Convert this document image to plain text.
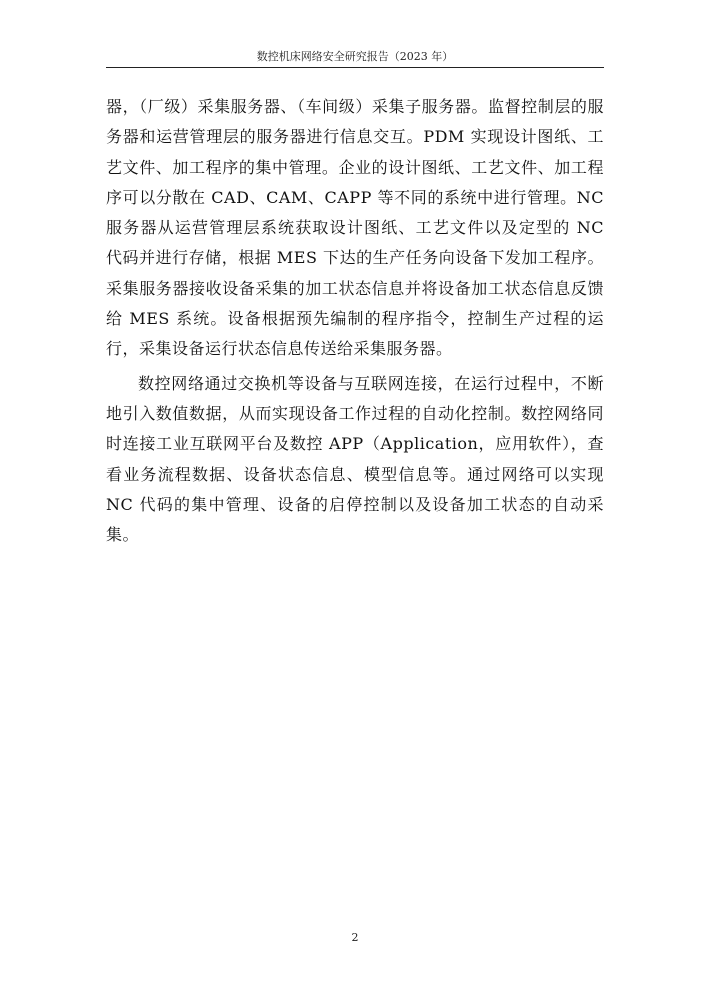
数控机床网络安全研究报告（2023 年）

器，（厂级）采集服务器、（车间级）采集子服务器。监督控制层的服务器和运营管理层的服务器进行信息交互。PDM 实现设计图纸、工艺文件、加工程序的集中管理。企业的设计图纸、工艺文件、加工程序可以分散在 CAD、CAM、CAPP 等不同的系统中进行管理。NC 服务器从运营管理层系统获取设计图纸、工艺文件以及定型的 NC 代码并进行存储，根据 MES 下达的生产任务向设备下发加工程序。采集服务器接收设备采集的加工状态信息并将设备加工状态信息反馈给 MES 系统。设备根据预先编制的程序指令，控制生产过程的运行，采集设备运行状态信息传送给采集服务器。

数控网络通过交换机等设备与互联网连接，在运行过程中，不断地引入数值数据，从而实现设备工作过程的自动化控制。数控网络同时连接工业互联网平台及数控 APP（Application，应用软件），查看业务流程数据、设备状态信息、模型信息等。通过网络可以实现 NC 代码的集中管理、设备的启停控制以及设备加工状态的自动采集。

2
